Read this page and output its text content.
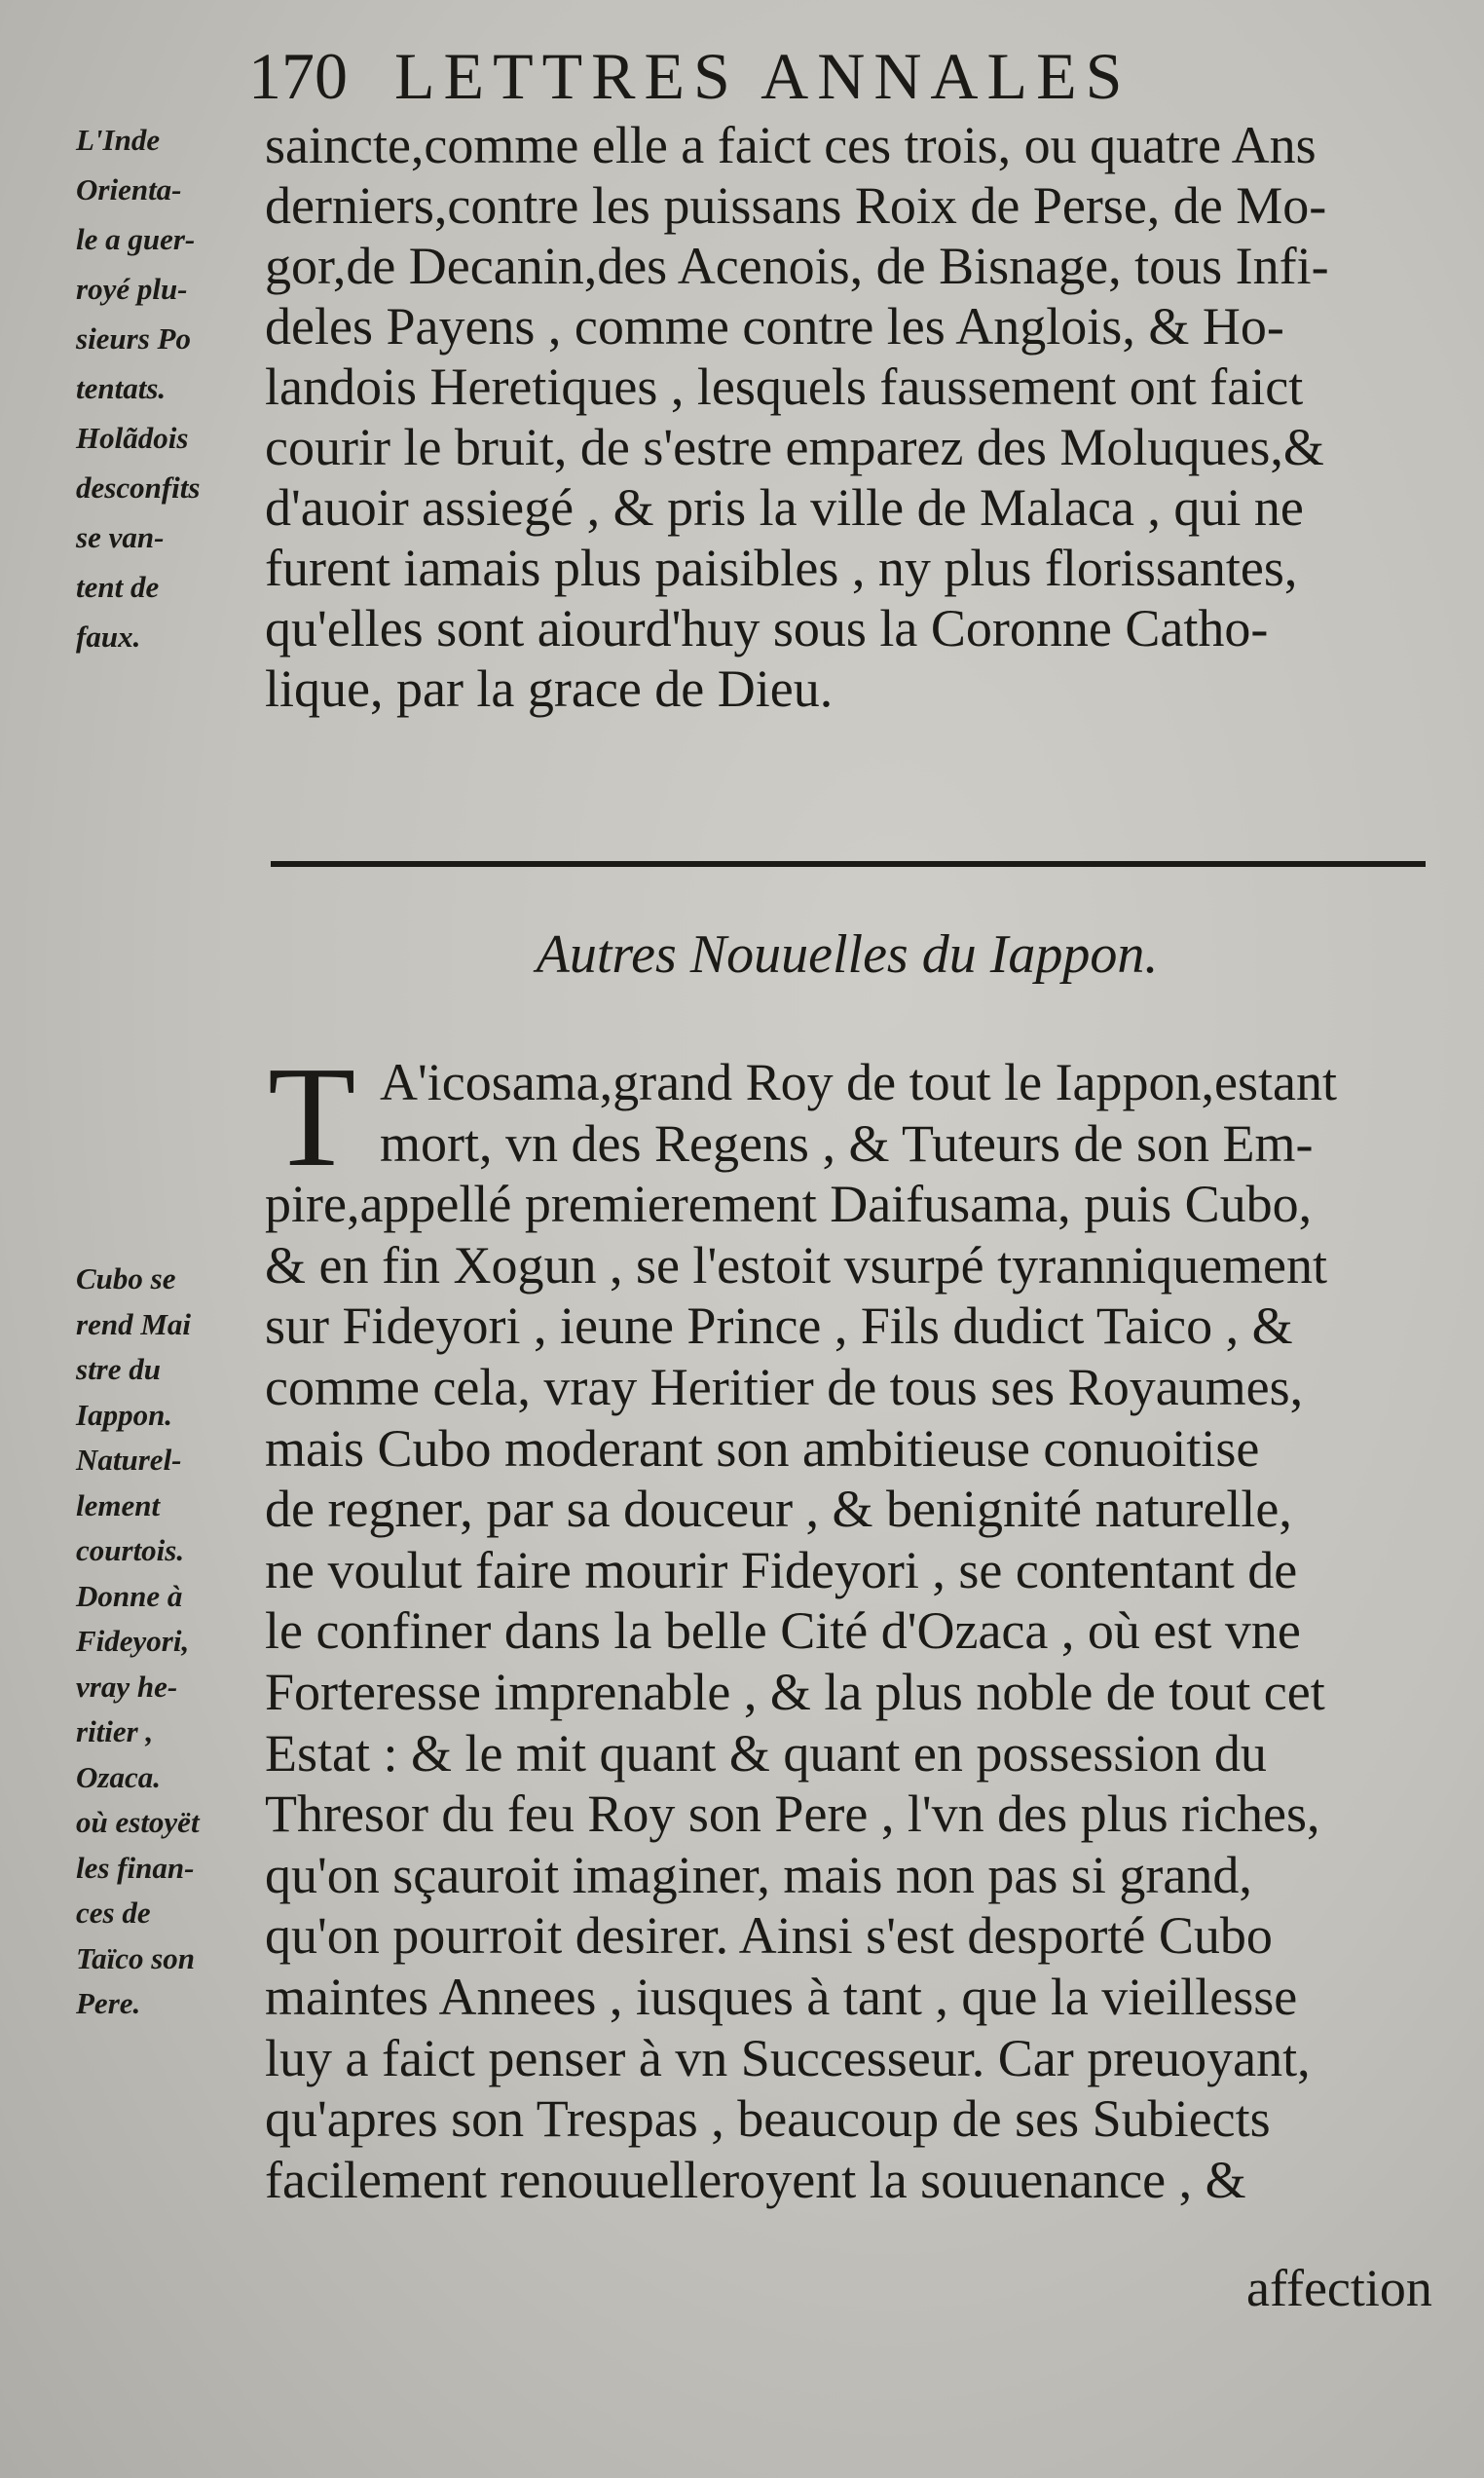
170 LETTRES ANNALES
L'Inde
Orienta-
le a guer-
royé plu-
sieurs Po
tentats.
Holãdois
desconfits
se van-
tent de
faux.
saincte,comme elle a faict ces trois, ou quatre Ans
derniers,contre les puissans Roix de Perse, de Mo-
gor,de Decanin,des Acenois, de Bisnage, tous Infi-
deles Payens , comme contre les Anglois, & Ho-
landois Heretiques , lesquels faussement ont faict
courir le bruit, de s'estre emparez des Moluques,&
d'auoir assiegé , & pris la ville de Malaca , qui ne
furent iamais plus paisibles , ny plus florissantes,
qu'elles sont aiourd'huy sous la Coronne Catho-
lique, par la grace de Dieu.
Autres Nouuelles du Iappon.
T A'icosama,grand Roy de tout le Iappon,estant
mort, vn des Regens , & Tuteurs de son Em-
pire,appellé premierement Daifusama, puis Cubo,
& en fin Xogun , se l'estoit vsurpé tyranniquement
sur Fideyori , ieune Prince , Fils dudict Taico , &
comme cela, vray Heritier de tous ses Royaumes,
mais Cubo moderant son ambitieuse conuoitise
de regner, par sa douceur , & benignité naturelle,
ne voulut faire mourir Fideyori , se contentant de
le confiner dans la belle Cité d'Ozaca , où est vne
Forteresse imprenable , & la plus noble de tout cet
Estat : & le mit quant & quant en possession du
Thresor du feu Roy son Pere , l'vn des plus riches,
qu'on sçauroit imaginer, mais non pas si grand,
qu'on pourroit desirer. Ainsi s'est desporté Cubo
maintes Annees , iusques à tant , que la vieillesse
luy a faict penser à vn Successeur. Car preuoyant,
qu'apres son Trespas , beaucoup de ses Subiects
facilement renouuelleroyent la souuenance , &
Cubo se
rend Mai
stre du
Iappon.
Naturel-
lement
courtois.
Donne à
Fideyori,
vray he-
ritier ,
Ozaca.
où estoyët
les finan-
ces de
Taïco son
Pere.
affection
